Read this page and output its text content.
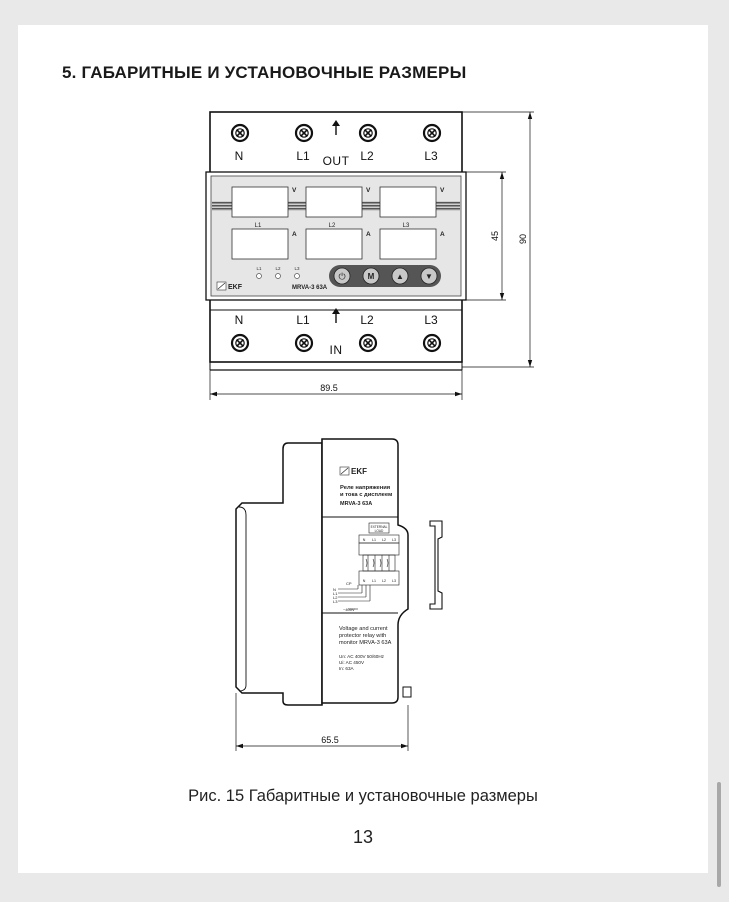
5. ГАБАРИТНЫЕ И УСТАНОВОЧНЫЕ РАЗМЕРЫ
N	L1	L2	L3
OUT
V	V	V
L1	L2	L3
A	A	A
L1	L2	L3
EKF	MRVA-3 63A
⏻	M	▲	▼
N	L1	L2	L3
IN
89.5
45 90
EKF
Реле напряжения
и тока с дисплеем
MRVA-3 63A
EXTERNAL
LOAD
N L1 L2 L3
N L1 L2 L3
CP
N
L1
L2
L3
~400V
Voltage and current
protector relay with
monitor MRVA-3 63A
Un: AC 400V 50/60Hz
Ui: AC 450V
In: 63A
65.5
Рис. 15 Габаритные и установочные размеры
13
